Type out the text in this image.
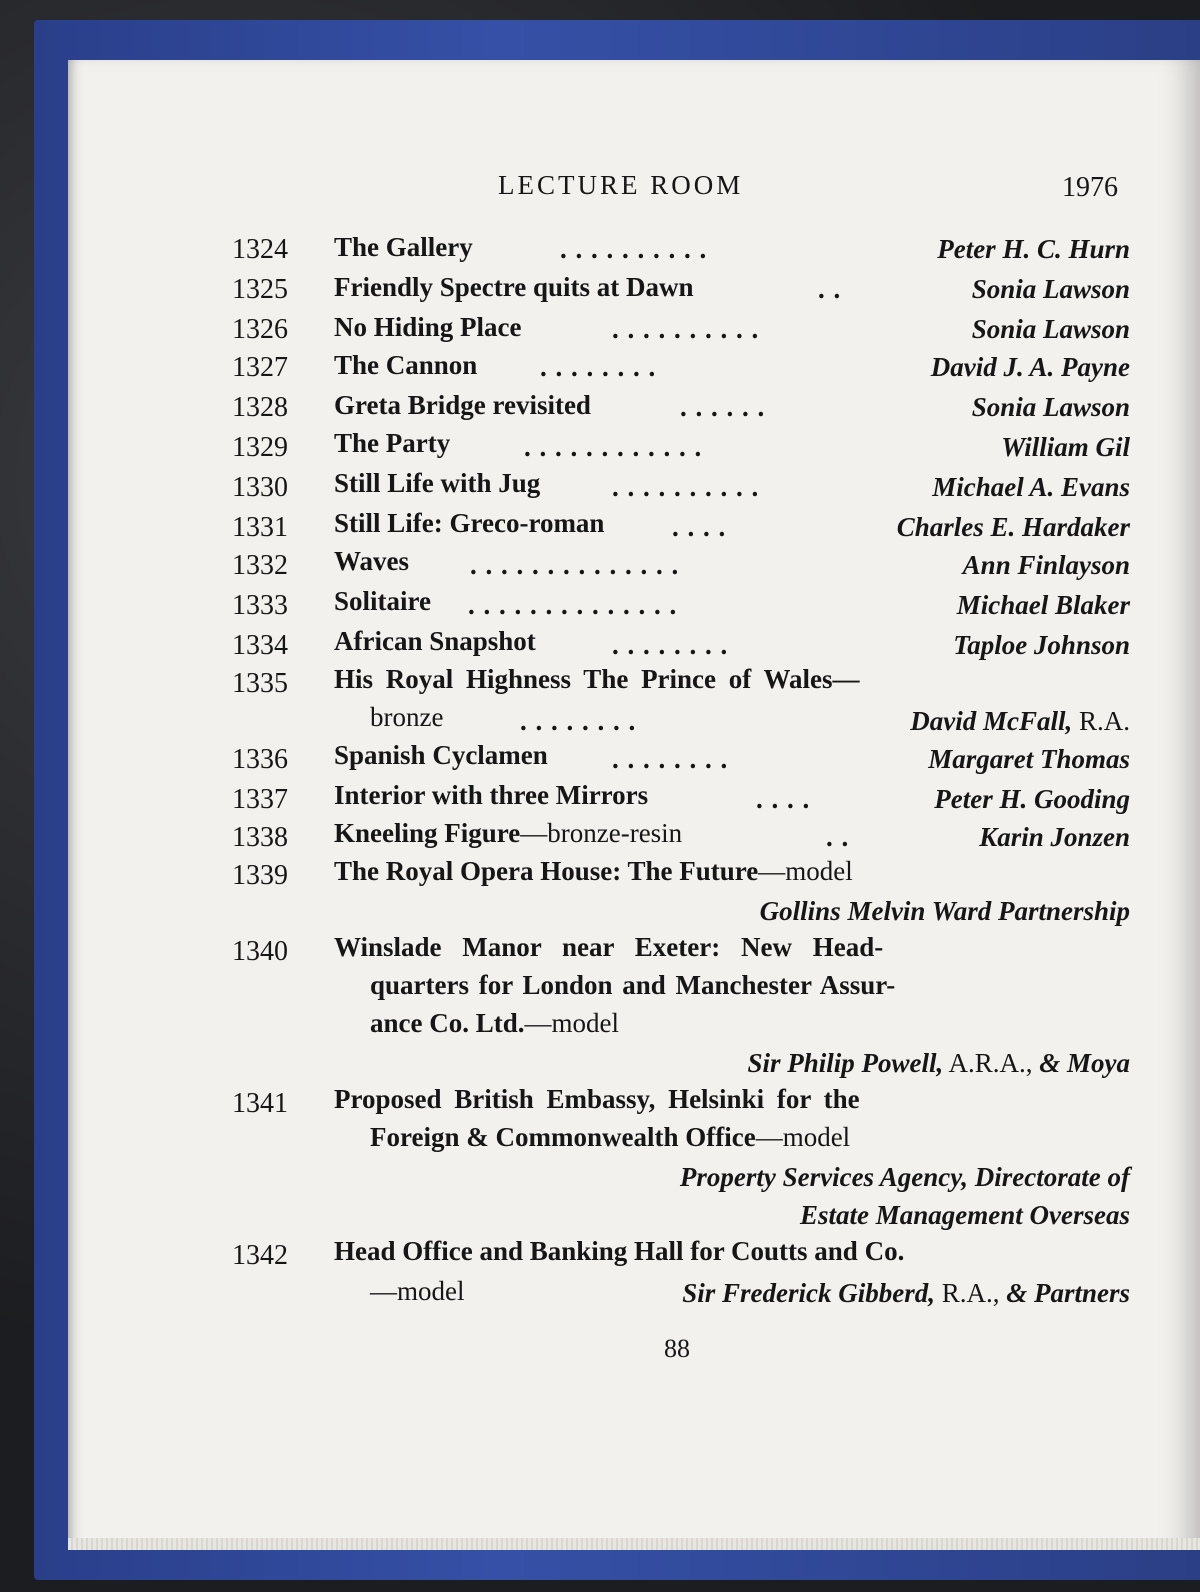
LECTURE ROOM	1976
1324 The Gallery	. . . . . . . . . .	Peter H. C. Hurn
1325 Friendly Spectre quits at Dawn	. .	Sonia Lawson
1326 No Hiding Place	. . . . . . . . . .	Sonia Lawson
1327 The Cannon . . . . . . . .	David J. A. Payne
1328 Greta Bridge revisited	. . . . . .	Sonia Lawson
1329 The Party	. . . . . . . . . . . .	William Gil
1330 Still Life with Jug	. . . . . . . . . .	Michael A. Evans
1331 Still Life: Greco-roman	. . . .	Charles E. Hardaker
1332 Waves . . . . . . . . . . . . . .	Ann Finlayson
1333 Solitaire . . . . . . . . . . . . . .	Michael Blaker
1334 African Snapshot	. . . . . . . .	Taploe Johnson
1335 His Royal Highness The Prince of Wales—
bronze	. . . . . . . .	David McFall, R.A.
1336 Spanish Cyclamen . . . . . . . .	Margaret Thomas
1337 Interior with three Mirrors	. . . .	Peter H. Gooding
1338 Kneeling Figure—bronze-resin	. .	Karin Jonzen
1339 The Royal Opera House: The Future—model
Gollins Melvin Ward Partnership
1340 Winslade Manor near Exeter: New Head-
quarters for London and Manchester Assur-
ance Co. Ltd.—model
Sir Philip Powell, A.R.A., & Moya
1341 Proposed British Embassy, Helsinki for the
Foreign & Commonwealth Office—model
Property Services Agency, Directorate of
Estate Management Overseas
1342 Head Office and Banking Hall for Coutts and Co.
—model	Sir Frederick Gibberd, R.A., & Partners
88
